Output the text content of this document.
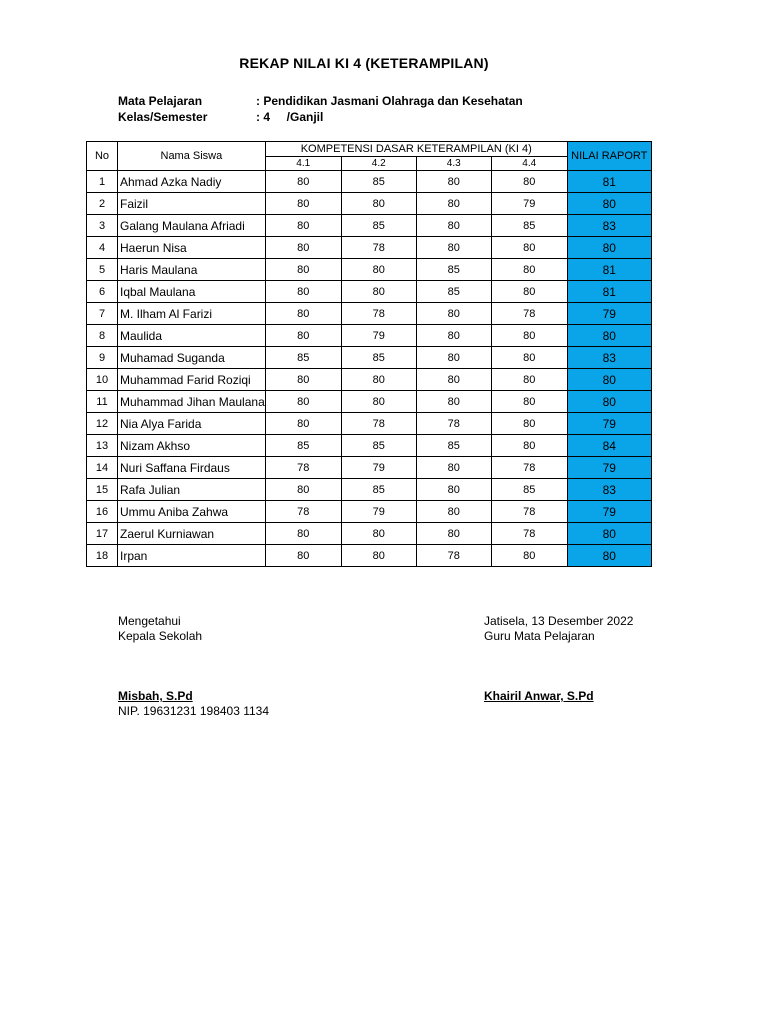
REKAP NILAI KI 4 (KETERAMPILAN)
Mata Pelajaran	: Pendidikan Jasmani Olahraga dan Kesehatan
Kelas/Semester	: 4     /Ganjil
No	Nama Siswa	KOMPETENSI DASAR KETERAMPILAN (KI 4)				NILAI RAPORT
		4.1	4.2	4.3	4.4	
1	Ahmad Azka Nadiy	80	85	80	80	81
2	Faizil	80	80	80	79	80
3	Galang Maulana Afriadi	80	85	80	85	83
4	Haerun Nisa	80	78	80	80	80
5	Haris Maulana	80	80	85	80	81
6	Iqbal Maulana	80	80	85	80	81
7	M. Ilham Al Farizi	80	78	80	78	79
8	Maulida	80	79	80	80	80
9	Muhamad Suganda	85	85	80	80	83
10	Muhammad Farid Roziqi	80	80	80	80	80
11	Muhammad Jihan Maulana	80	80	80	80	80
12	Nia Alya Farida	80	78	78	80	79
13	Nizam Akhso	85	85	85	80	84
14	Nuri Saffana Firdaus	78	79	80	78	79
15	Rafa Julian	80	85	80	85	83
16	Ummu Aniba Zahwa	78	79	80	78	79
17	Zaerul Kurniawan	80	80	80	78	80
18	Irpan	80	80	78	80	80
Mengetahui
Kepala Sekolah
Misbah, S.Pd
NIP. 19631231 198403 1134
Jatisela, 13 Desember 2022
Guru Mata Pelajaran
Khairil Anwar, S.Pd
